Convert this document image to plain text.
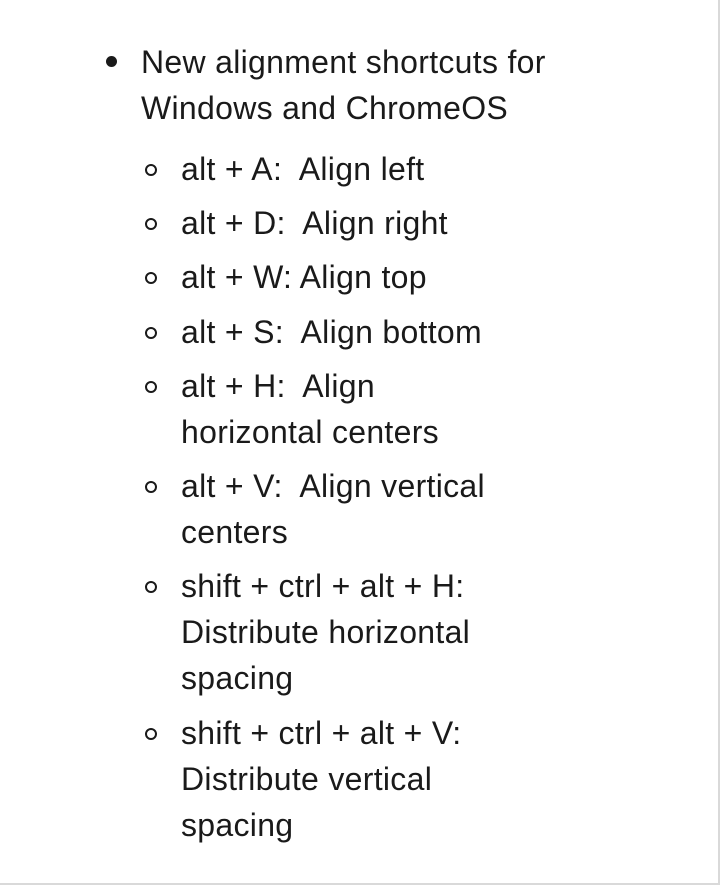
New alignment shortcuts for Windows and ChromeOS
alt + A:  Align left
alt + D:  Align right
alt + W: Align top
alt + S:  Align bottom
alt + H:  Align horizontal centers
alt + V:  Align vertical centers
shift + ctrl + alt + H: Distribute horizontal spacing
shift + ctrl + alt + V: Distribute vertical spacing
